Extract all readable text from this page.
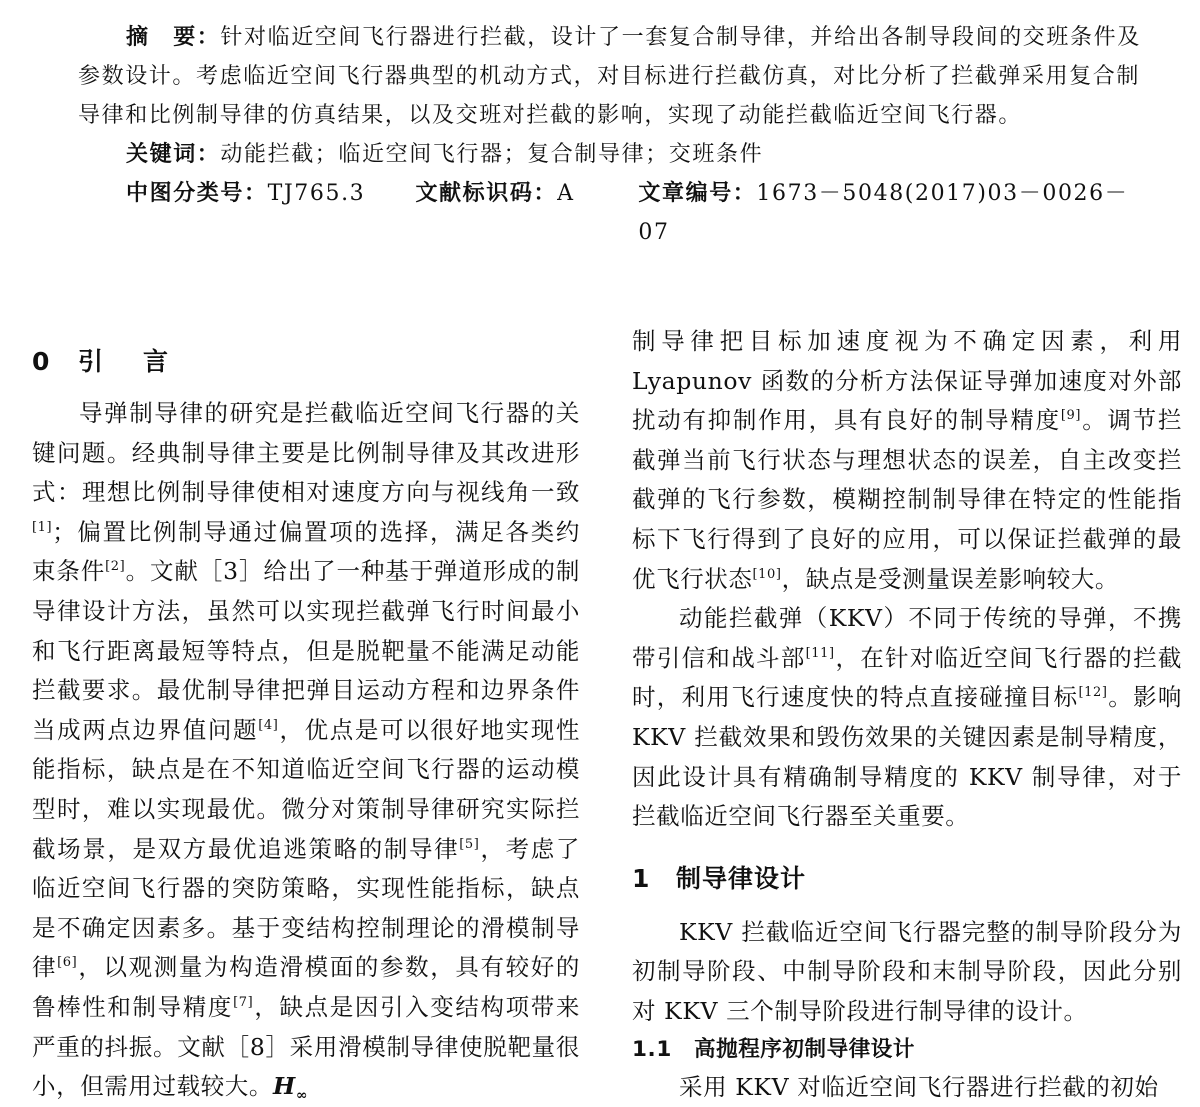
摘　要：针对临近空间飞行器进行拦截，设计了一套复合制导律，并给出各制导段间的交班条件及参数设计。考虑临近空间飞行器典型的机动方式，对目标进行拦截仿真，对比分析了拦截弹采用复合制导律和比例制导律的仿真结果，以及交班对拦截的影响，实现了动能拦截临近空间飞行器。

关键词：动能拦截；临近空间飞行器；复合制导律；交班条件

中图分类号：TJ765.3	文献标识码：A	文章编号：1673－5048(2017)03－0026－07

0 引言

导弹制导律的研究是拦截临近空间飞行器的关键问题。经典制导律主要是比例制导律及其改进形式：理想比例制导律使相对速度方向与视线角一致[1]；偏置比例制导通过偏置项的选择，满足各类约束条件[2]。文献［3］给出了一种基于弹道形成的制导律设计方法，虽然可以实现拦截弹飞行时间最小和飞行距离最短等特点，但是脱靶量不能满足动能拦截要求。最优制导律把弹目运动方程和边界条件当成两点边界值问题[4]，优点是可以很好地实现性能指标，缺点是在不知道临近空间飞行器的运动模型时，难以实现最优。微分对策制导律研究实际拦截场景，是双方最优追逃策略的制导律[5]，考虑了临近空间飞行器的突防策略，实现性能指标，缺点是不确定因素多。基于变结构控制理论的滑模制导律[6]，以观测量为构造滑模面的参数，具有较好的鲁棒性和制导精度[7]，缺点是因引入变结构项带来严重的抖振。文献［8］采用滑模制导律使脱靶量很小，但需用过载较大。$H_\infty$

制导律把目标加速度视为不确定因素，利用 Lyapunov 函数的分析方法保证导弹加速度对外部扰动有抑制作用，具有良好的制导精度[9]。调节拦截弹当前飞行状态与理想状态的误差，自主改变拦截弹的飞行参数，模糊控制制导律在特定的性能指标下飞行得到了良好的应用，可以保证拦截弹的最优飞行状态[10]，缺点是受测量误差影响较大。

动能拦截弹（KKV）不同于传统的导弹，不携带引信和战斗部[11]，在针对临近空间飞行器的拦截时，利用飞行速度快的特点直接碰撞目标[12]。影响 KKV 拦截效果和毁伤效果的关键因素是制导精度，因此设计具有精确制导精度的 KKV 制导律，对于拦截临近空间飞行器至关重要。

1 制导律设计

KKV 拦截临近空间飞行器完整的制导阶段分为初制导阶段、中制导阶段和末制导阶段，因此分别对 KKV 三个制导阶段进行制导律的设计。

1.1 高抛程序初制导律设计

采用 KKV 对临近空间飞行器进行拦截的初始
